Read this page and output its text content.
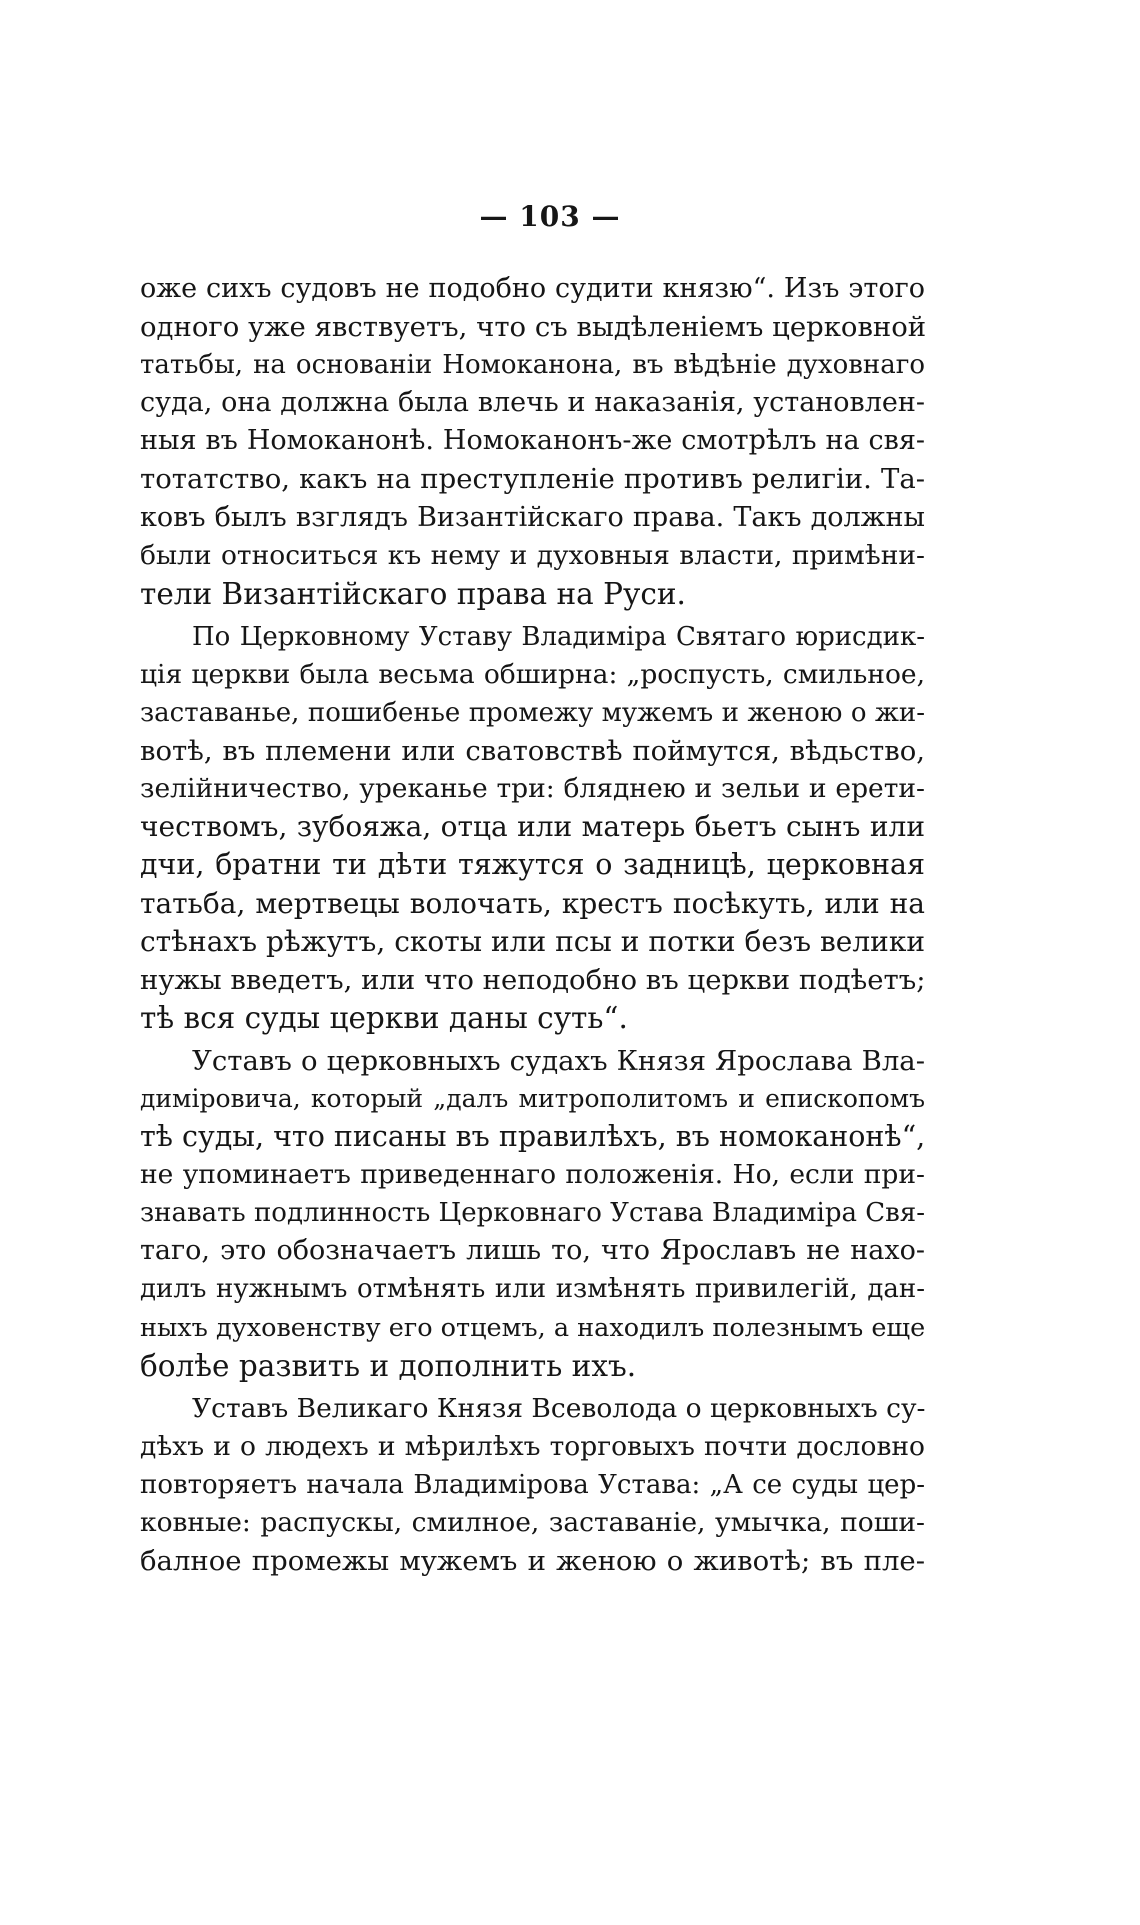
— 103 —
оже сихъ судовъ не подобно судити князю“. Изъ этого
одного уже явствуетъ, что съ выдѣленіемъ церковной
татьбы, на основаніи Номоканона, въ вѣдѣніе духовнаго
суда, она должна была влечь и наказанія, установлен-
ныя въ Номоканонѣ. Номоканонъ-же смотрѣлъ на свя-
тотатство, какъ на преступленіе противъ религіи. Та-
ковъ былъ взглядъ Византійскаго права. Такъ должны
были относиться къ нему и духовныя власти, примѣни-
тели Византійскаго права на Руси.
По Церковному Уставу Владиміра Святаго юрисдик-
ція церкви была весьма обширна: „роспусть, смильное,
заставанье, пошибенье промежу мужемъ и женою о жи-
вотѣ, въ племени или сватовствѣ поймутся, вѣдьство,
зелійничество, уреканье три: бляднею и зельи и ерети-
чествомъ, зубояжа, отца или матерь бьетъ сынъ или
дчи, братни ти дѣти тяжутся о задницѣ, церковная
татьба, мертвецы волочать, крестъ посѣкуть, или на
стѣнахъ рѣжутъ, скоты или псы и потки безъ велики
нужы введетъ, или что неподобно въ церкви подѣетъ;
тѣ вся суды церкви даны суть“.
Уставъ о церковныхъ судахъ Князя Ярослава Вла-
диміровича, который „далъ митрополитомъ и епископомъ
тѣ суды, что писаны въ правилѣхъ, въ номоканонѣ“,
не упоминаетъ приведеннаго положенія. Но, если при-
знавать подлинность Церковнаго Устава Владиміра Свя-
таго, это обозначаетъ лишь то, что Ярославъ не нахо-
дилъ нужнымъ отмѣнять или измѣнять привилегій, дан-
ныхъ духовенству его отцемъ, а находилъ полезнымъ еще
болѣе развить и дополнить ихъ.
Уставъ Великаго Князя Всеволода о церковныхъ су-
дѣхъ и о людехъ и мѣрилѣхъ торговыхъ почти дословно
повторяетъ начала Владимірова Устава: „А се суды цер-
ковные: распускы, смилное, заставаніе, умычка, поши-
балное промежы мужемъ и женою о животѣ; въ пле-
